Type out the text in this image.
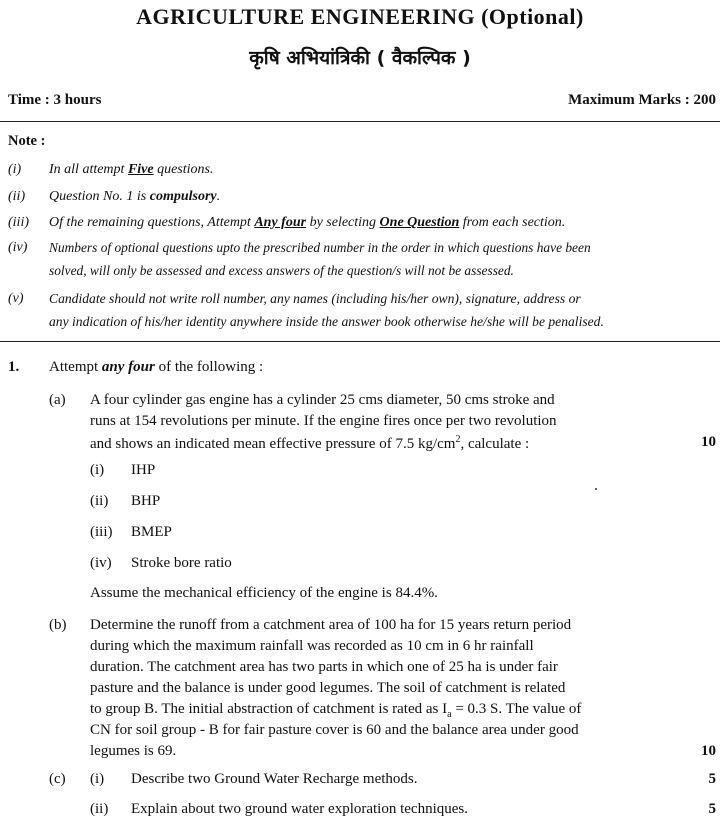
AGRICULTURE ENGINEERING (Optional)
कृषि अभियांत्रिकी ( वैकल्पिक )
Time : 3 hours	Maximum Marks : 200
Note :
(i) In all attempt Five questions.
(ii) Question No. 1 is compulsory.
(iii) Of the remaining questions, Attempt Any four by selecting One Question from each section.
(iv) Numbers of optional questions upto the prescribed number in the order in which questions have been
solved, will only be assessed and excess answers of the question/s will not be assessed.
(v) Candidate should not write roll number, any names (including his/her own), signature, address or
any indication of his/her identity anywhere inside the answer book otherwise he/she will be penalised.
1. Attempt any four of the following :
(a) A four cylinder gas engine has a cylinder 25 cms diameter, 50 cms stroke and
runs at 154 revolutions per minute. If the engine fires once per two revolution
and shows an indicated mean effective pressure of 7.5 $kg/cm^2$, calculate :	10
(i) IHP
(ii) BHP
(iii) BMEP
(iv) Stroke bore ratio
Assume the mechanical efficiency of the engine is 84.4%.
(b) Determine the runoff from a catchment area of 100 ha for 15 years return period
during which the maximum rainfall was recorded as 10 cm in 6 hr rainfall
duration. The catchment area has two parts in which one of 25 ha is under fair
pasture and the balance is under good legumes. The soil of catchment is related
to group B. The initial abstraction of catchment is rated as $I_a = 0.3$ S. The value of
CN for soil group - B for fair pasture cover is 60 and the balance area under good
legumes is 69.	10
(c) (i) Describe two Ground Water Recharge methods.	5
(ii) Explain about two ground water exploration techniques.	5
